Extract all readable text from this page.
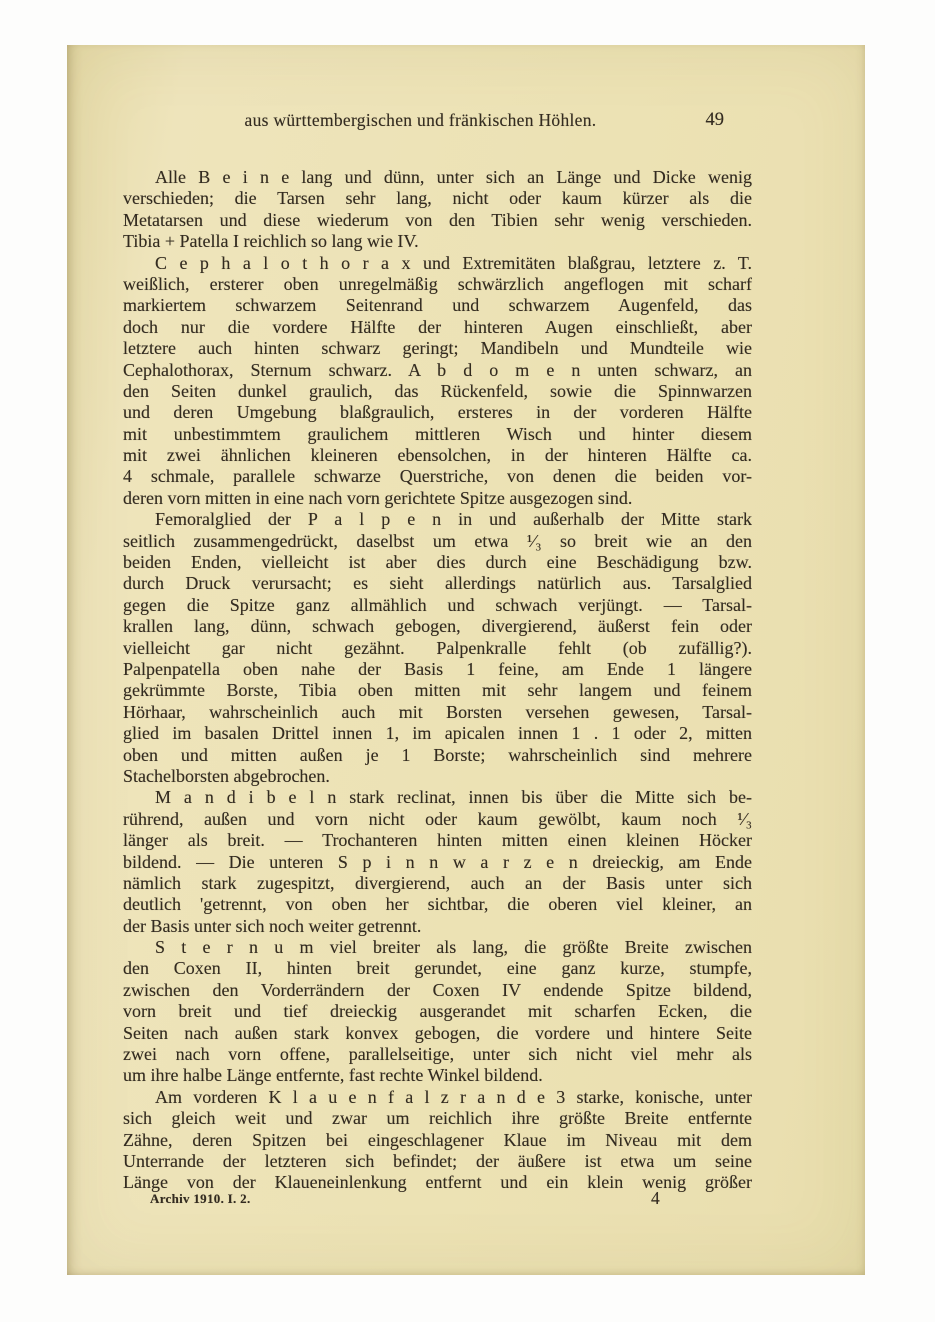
aus württembergischen und fränkischen Höhlen.	49
Alle B e i n e lang und dünn, unter sich an Länge und Dicke wenig
verschieden; die Tarsen sehr lang, nicht oder kaum kürzer als die
Metatarsen und diese wiederum von den Tibien sehr wenig verschieden.
Tibia + Patella I reichlich so lang wie IV.
C e p h a l o t h o r a x und Extremitäten blaßgrau, letztere z. T.
weißlich, ersterer oben unregelmäßig schwärzlich angeflogen mit scharf
markiertem schwarzem Seitenrand und schwarzem Augenfeld, das
doch nur die vordere Hälfte der hinteren Augen einschließt, aber
letztere auch hinten schwarz geringt; Mandibeln und Mundteile wie
Cephalothorax, Sternum schwarz. A b d o m e n unten schwarz, an
den Seiten dunkel graulich, das Rückenfeld, sowie die Spinnwarzen
und deren Umgebung blaßgraulich, ersteres in der vorderen Hälfte
mit unbestimmtem graulichem mittleren Wisch und hinter diesem
mit zwei ähnlichen kleineren ebensolchen, in der hinteren Hälfte ca.
4 schmale, parallele schwarze Querstriche, von denen die beiden vor-
deren vorn mitten in eine nach vorn gerichtete Spitze ausgezogen sind.
Femoralglied der P a l p e n in und außerhalb der Mitte stark
seitlich zusammengedrückt, daselbst um etwa ¹⁄₃ so breit wie an den
beiden Enden, vielleicht ist aber dies durch eine Beschädigung bzw.
durch Druck verursacht; es sieht allerdings natürlich aus. Tarsalglied
gegen die Spitze ganz allmählich und schwach verjüngt. — Tarsal-
krallen lang, dünn, schwach gebogen, divergierend, äußerst fein oder
vielleicht gar nicht gezähnt. Palpenkralle fehlt (ob zufällig?).
Palpenpatella oben nahe der Basis 1 feine, am Ende 1 längere
gekrümmte Borste, Tibia oben mitten mit sehr langem und feinem
Hörhaar, wahrscheinlich auch mit Borsten versehen gewesen, Tarsal-
glied im basalen Drittel innen 1, im apicalen innen 1 . 1 oder 2, mitten
oben und mitten außen je 1 Borste; wahrscheinlich sind mehrere
Stachelborsten abgebrochen.
M a n d i b e l n stark reclinat, innen bis über die Mitte sich be-
rührend, außen und vorn nicht oder kaum gewölbt, kaum noch ¹⁄₃
länger als breit. — Trochanteren hinten mitten einen kleinen Höcker
bildend. — Die unteren S p i n n w a r z e n dreieckig, am Ende
nämlich stark zugespitzt, divergierend, auch an der Basis unter sich
deutlich 'getrennt, von oben her sichtbar, die oberen viel kleiner, an
der Basis unter sich noch weiter getrennt.
S t e r n u m viel breiter als lang, die größte Breite zwischen
den Coxen II, hinten breit gerundet, eine ganz kurze, stumpfe,
zwischen den Vorderrändern der Coxen IV endende Spitze bildend,
vorn breit und tief dreieckig ausgerandet mit scharfen Ecken, die
Seiten nach außen stark konvex gebogen, die vordere und hintere Seite
zwei nach vorn offene, parallelseitige, unter sich nicht viel mehr als
um ihre halbe Länge entfernte, fast rechte Winkel bildend.
Am vorderen K l a u e n f a l z r a n d e 3 starke, konische, unter
sich gleich weit und zwar um reichlich ihre größte Breite entfernte
Zähne, deren Spitzen bei eingeschlagener Klaue im Niveau mit dem
Unterrande der letzteren sich befindet; der äußere ist etwa um seine
Länge von der Klaueneinlenkung entfernt und ein klein wenig größer
Archiv 1910. I. 2.	4
